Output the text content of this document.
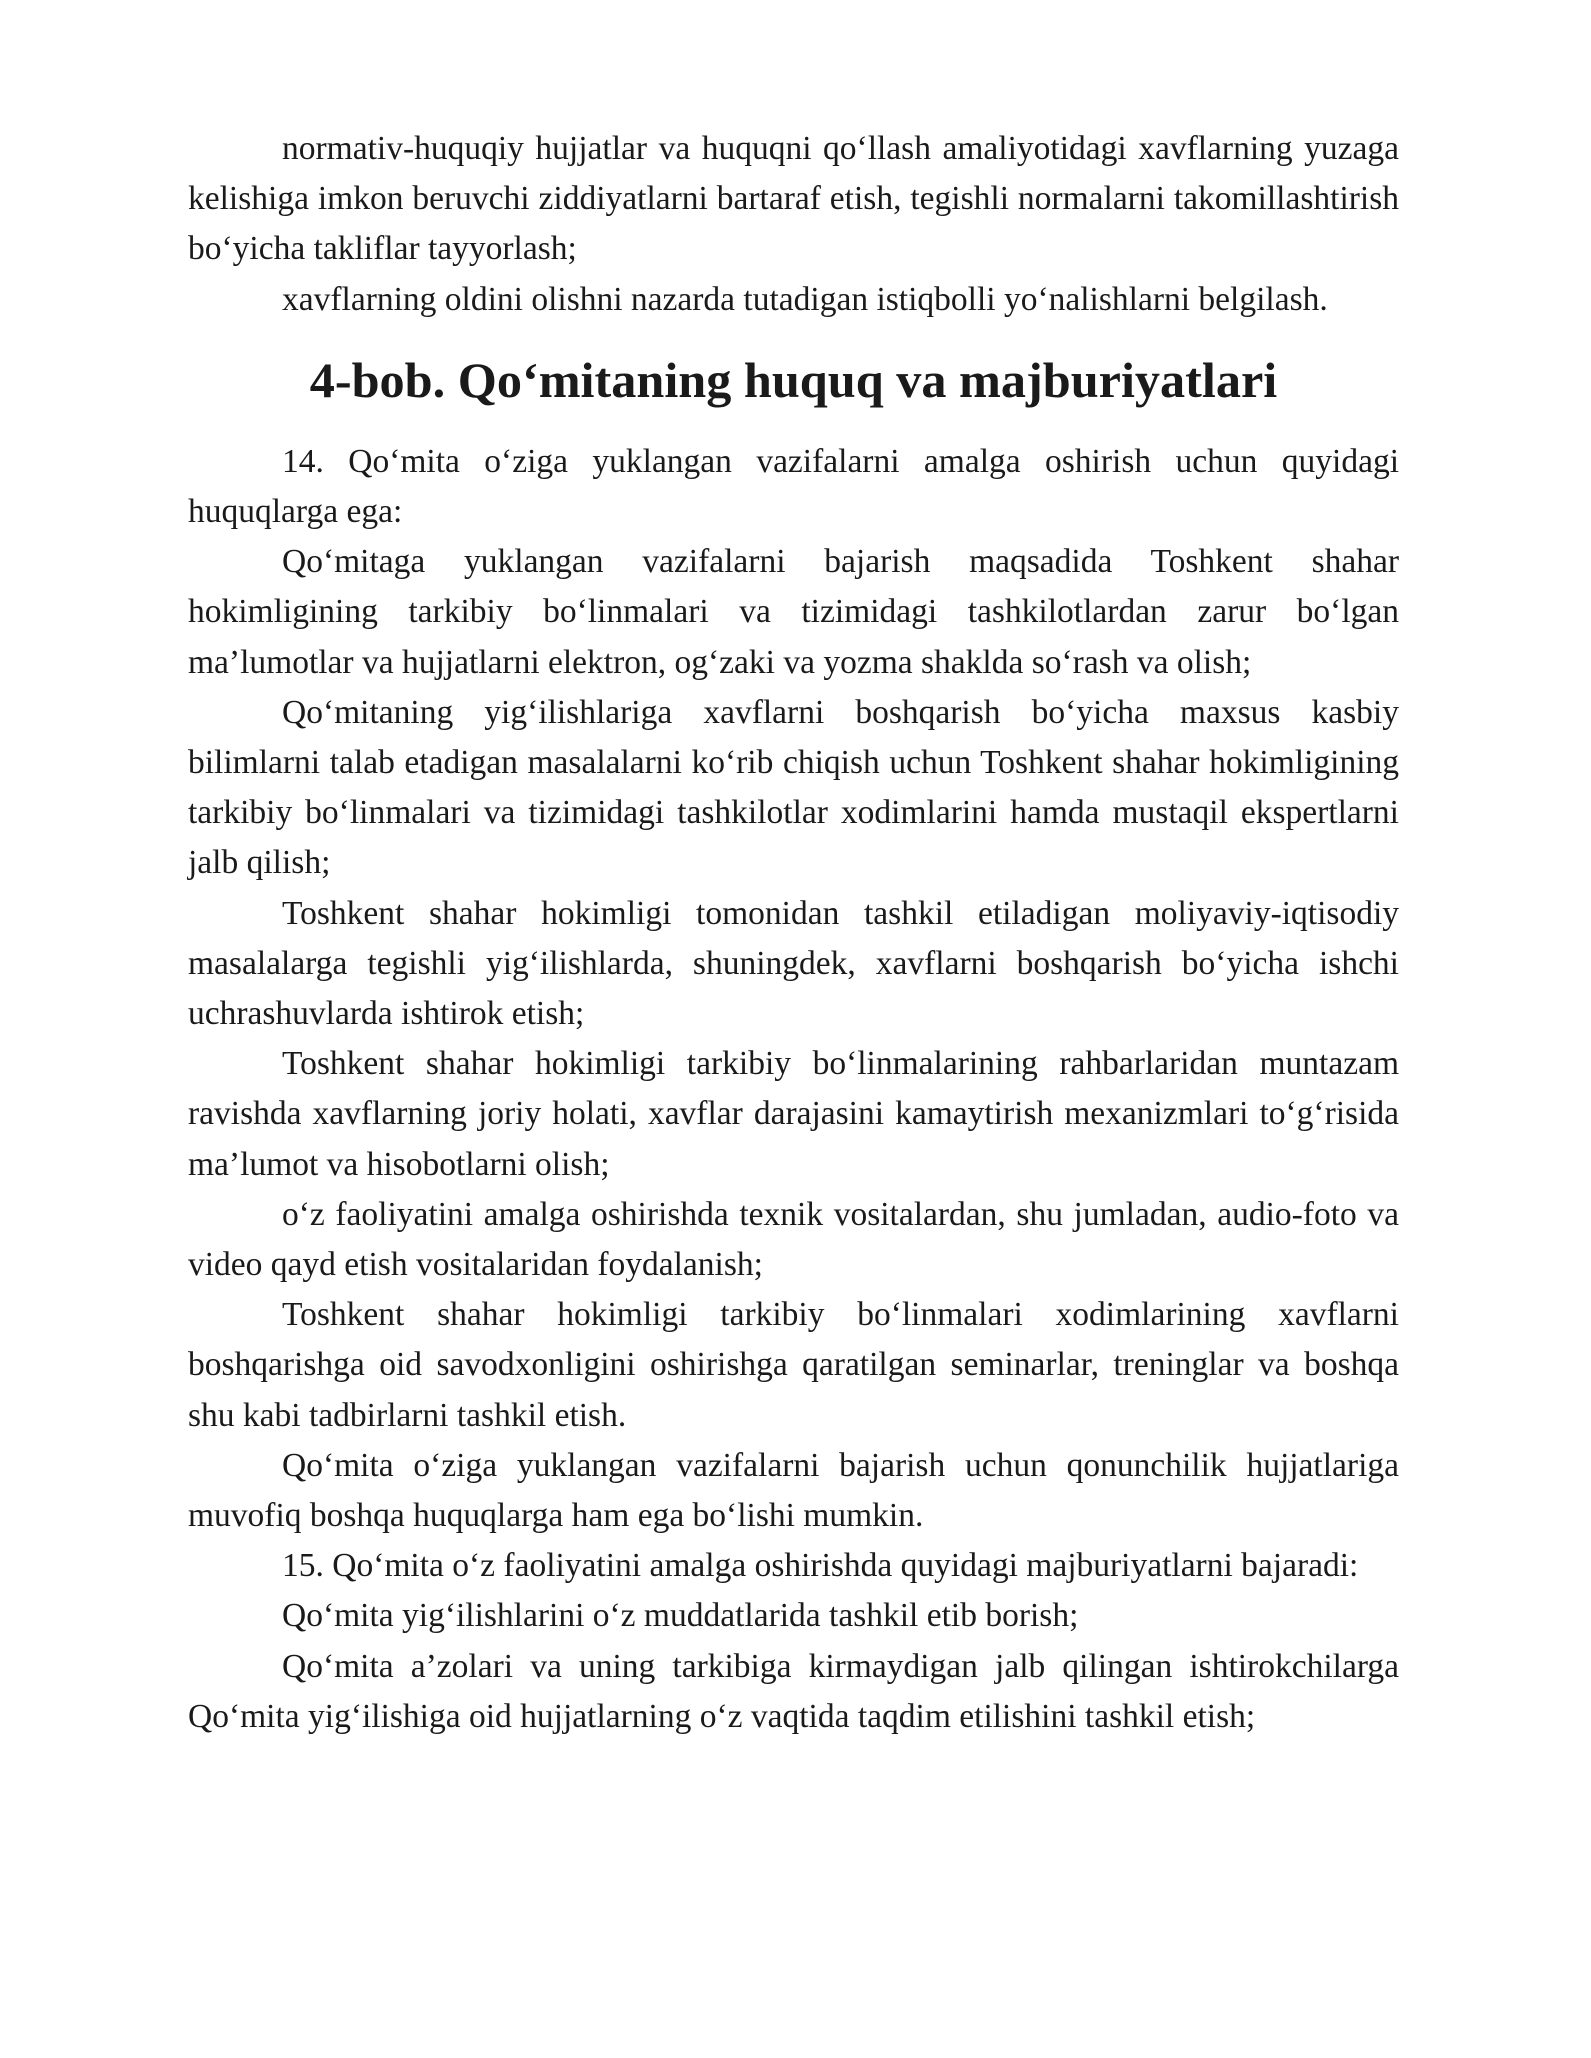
normativ-huquqiy hujjatlar va huquqni qo‘llash amaliyotidagi xavflarning yuzaga kelishiga imkon beruvchi ziddiyatlarni bartaraf etish, tegishli normalarni takomillashtirish bo‘yicha takliflar tayyorlash;

xavflarning oldini olishni nazarda tutadigan istiqbolli yo‘nalishlarni belgilash.

4-bob. Qo‘mitaning huquq va majburiyatlari

14. Qo‘mita o‘ziga yuklangan vazifalarni amalga oshirish uchun quyidagi huquqlarga ega:

Qo‘mitaga yuklangan vazifalarni bajarish maqsadida Toshkent shahar hokimligining tarkibiy bo‘linmalari va tizimidagi tashkilotlardan zarur bo‘lgan ma’lumotlar va hujjatlarni elektron, og‘zaki va yozma shakldа so‘rash va olish;

Qo‘mitaning yig‘ilishlariga xavflarni boshqarish bo‘yicha maxsus kasbiy bilimlarni talab etadigan masalalarni ko‘rib chiqish uchun Toshkent shahar hokimligining tarkibiy bo‘linmalari va tizimidagi tashkilotlar xodimlarini hamda mustaqil ekspertlarni jalb qilish;

Toshkent shahar hokimligi tomonidan tashkil etiladigan moliyaviy-iqtisodiy masalalarga tegishli yig‘ilishlarda, shuningdek, xavflarni boshqarish bo‘yicha ishchi uchrashuvlarda ishtirok etish;

Toshkent shahar hokimligi tarkibiy bo‘linmalarining rahbarlaridan muntazam ravishda xavflarning joriy holati, xavflar darajasini kamaytirish mexanizmlari to‘g‘risida ma’lumot va hisobotlarni olish;

o‘z faoliyatini amalga oshirishda texnik vositalardan, shu jumladan, audio-foto va video qayd etish vositalaridan foydalanish;

Toshkent shahar hokimligi tarkibiy bo‘linmalari xodimlarining xavflarni boshqarishga oid savodxonligini oshirishga qaratilgan seminarlar, treninglar va boshqa shu kabi tadbirlarni tashkil etish.

Qo‘mita o‘ziga yuklangan vazifalarni bajarish uchun qonunchilik hujjatlariga muvofiq boshqa huquqlarga ham ega bo‘lishi mumkin.

15. Qo‘mita o‘z faoliyatini amalga oshirishda quyidagi majburiyatlarni bajaradi:

Qo‘mita yig‘ilishlarini o‘z muddatlarida tashkil etib borish;

Qo‘mita a’zolari va uning tarkibiga kirmaydigan jalb qilingan ishtirokchilarga Qo‘mita yig‘ilishiga oid hujjatlarning o‘z vaqtida taqdim etilishini tashkil etish;
